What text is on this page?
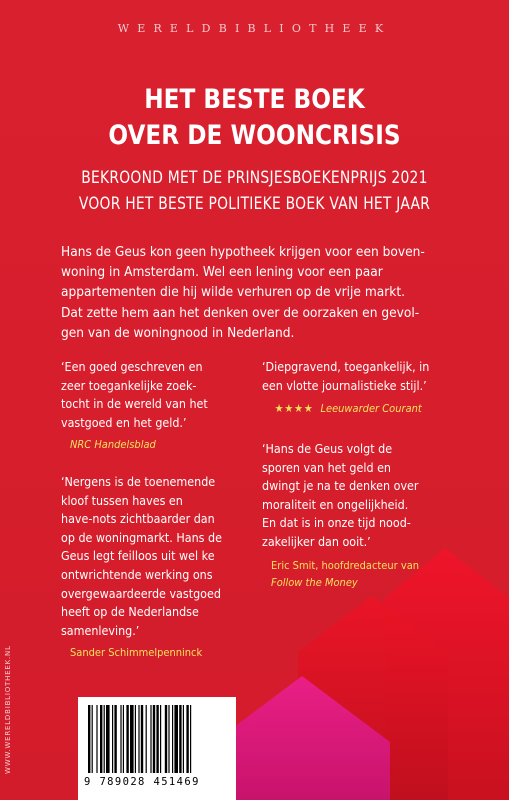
WERELDBIBLIOTHEEK
HET BESTE BOEK
OVER DE WOONCRISIS
BEKROOND MET DE PRINSJESBOEKENPRIJS 2021
VOOR HET BESTE POLITIEKE BOEK VAN HET JAAR
Hans de Geus kon geen hypotheek krijgen voor een boven-
woning in Amsterdam. Wel een lening voor een paar
appartementen die hij wilde verhuren op de vrije markt.
Dat zette hem aan het denken over de oorzaken en gevol-
gen van de woningnood in Nederland.
‘Een goed geschreven en
zeer toegankelijke zoek-
tocht in de wereld van het
vastgoed en het geld.’
NRC Handelsblad
‘Diepgravend, toegankelijk, in
een vlotte journalistieke stijl.’
★★★★ Leeuwarder Courant
‘Nergens is de toenemende
kloof tussen haves en
have-nots zichtbaarder dan
op de woningmarkt. Hans de
Geus legt feilloos uit wel ke
ontwrichtende werking ons
overgewaardeerde vastgoed
heeft op de Nederlandse
samenleving.’
Sander Schimmelpenninck
‘Hans de Geus volgt de
sporen van het geld en
dwingt je na te denken over
moraliteit en ongelijkheid.
En dat is in onze tijd nood-
zakelijker dan ooit.’
Eric Smit, hoofdredacteur van
Follow the Money
WWW.WERELDBIBLIOTHEEK.NL
9 789028 451469
